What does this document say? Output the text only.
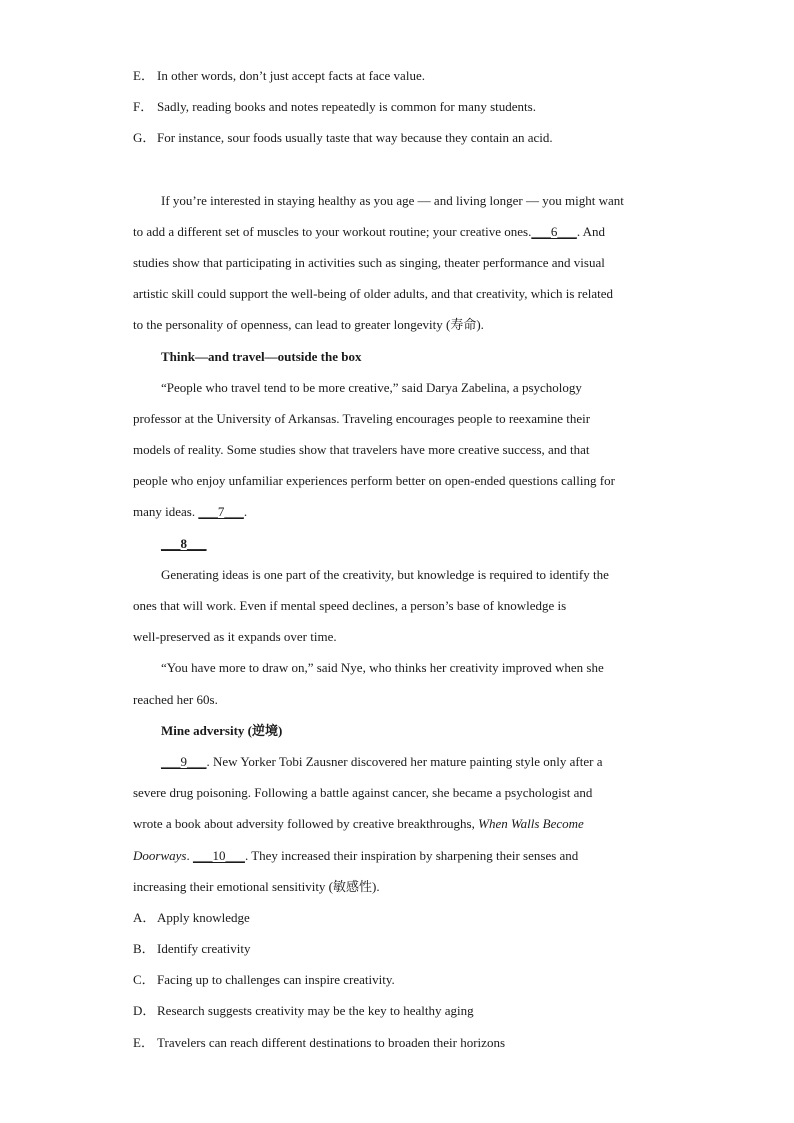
E． In other words, don’t just accept facts at face value.
F． Sadly, reading books and notes repeatedly is common for many students.
G． For instance, sour foods usually taste that way because they contain an acid.
If you’re interested in staying healthy as you age — and living longer — you might want
to add a different set of muscles to your workout routine; your creative ones.___6___. And
studies show that participating in activities such as singing, theater performance and visual
artistic skill could support the well-being of older adults, and that creativity, which is related
to the personality of openness, can lead to greater longevity (寿命).
Think—and travel—outside the box
“People who travel tend to be more creative,” said Darya Zabelina, a psychology
professor at the University of Arkansas. Traveling encourages people to reexamine their
models of reality. Some studies show that travelers have more creative success, and that
people who enjoy unfamiliar experiences perform better on open-ended questions calling for
many ideas. ___7___.
___8___
Generating ideas is one part of the creativity, but knowledge is required to identify the
ones that will work. Even if mental speed declines, a person’s base of knowledge is
well-preserved as it expands over time.
“You have more to draw on,” said Nye, who thinks her creativity improved when she
reached her 60s.
Mine adversity (逆境)
___9___. New Yorker Tobi Zausner discovered her mature painting style only after a
severe drug poisoning. Following a battle against cancer, she became a psychologist and
wrote a book about adversity followed by creative breakthroughs, When Walls Become
Doorways. ___10___. They increased their inspiration by sharpening their senses and
increasing their emotional sensitivity (敏感性).
A． Apply knowledge
B． Identify creativity
C． Facing up to challenges can inspire creativity.
D． Research suggests creativity may be the key to healthy aging
E． Travelers can reach different destinations to broaden their horizons
